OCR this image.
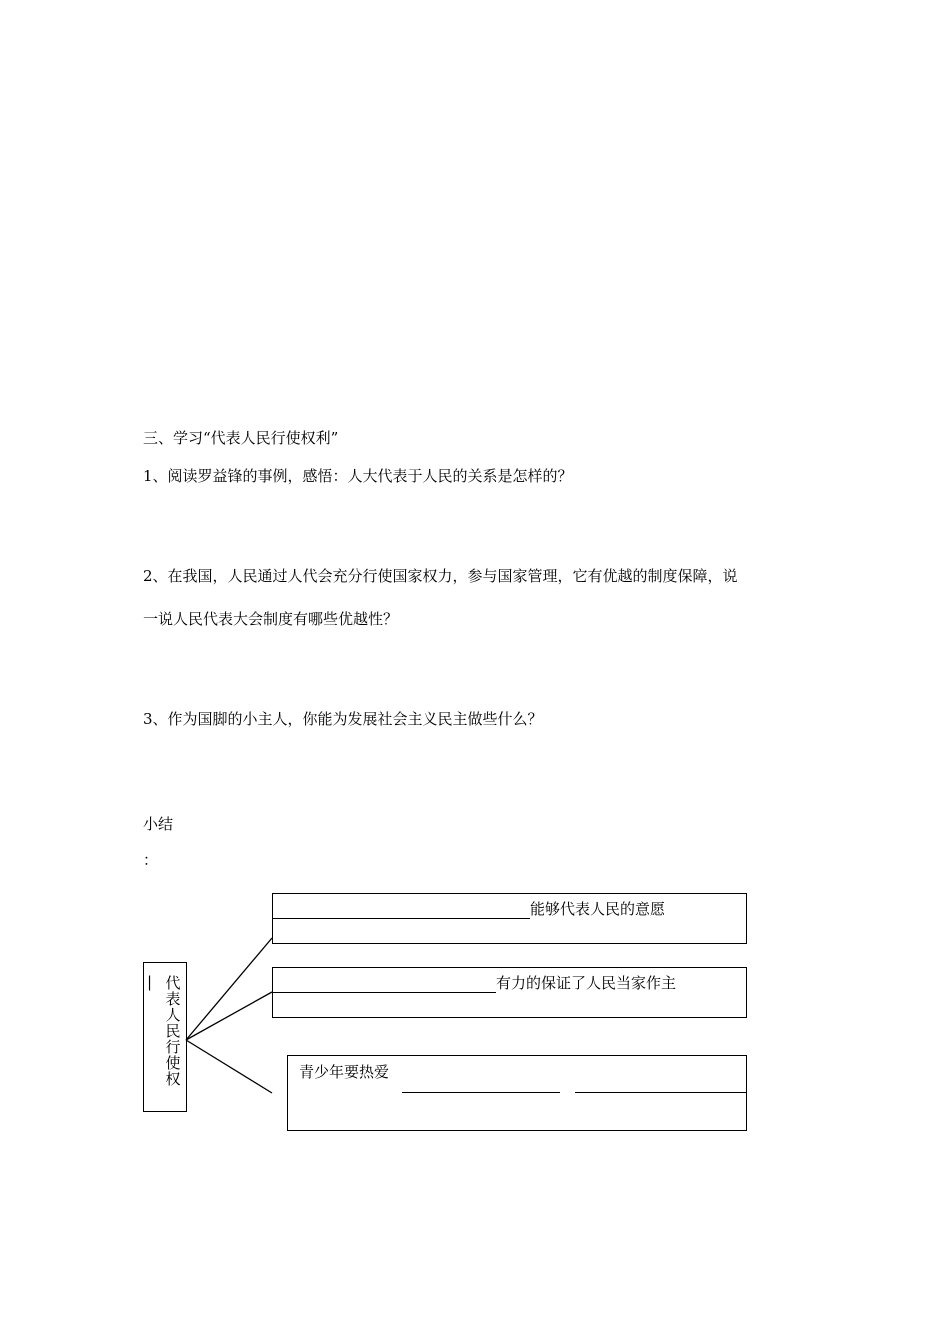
三、学习“代表人民行使权利”
1、阅读罗益锋的事例，感悟：人大代表于人民的关系是怎样的？
2、在我国，人民通过人代会充分行使国家权力，参与国家管理，它有优越的制度保障，说
一说人民代表大会制度有哪些优越性？
3、作为国脚的小主人，你能为发展社会主义民主做些什么？
小结
：
| 代
表
人
民
行
使
权
能够代表人民的意愿
有力的保证了人民当家作主
青少年要热爱
